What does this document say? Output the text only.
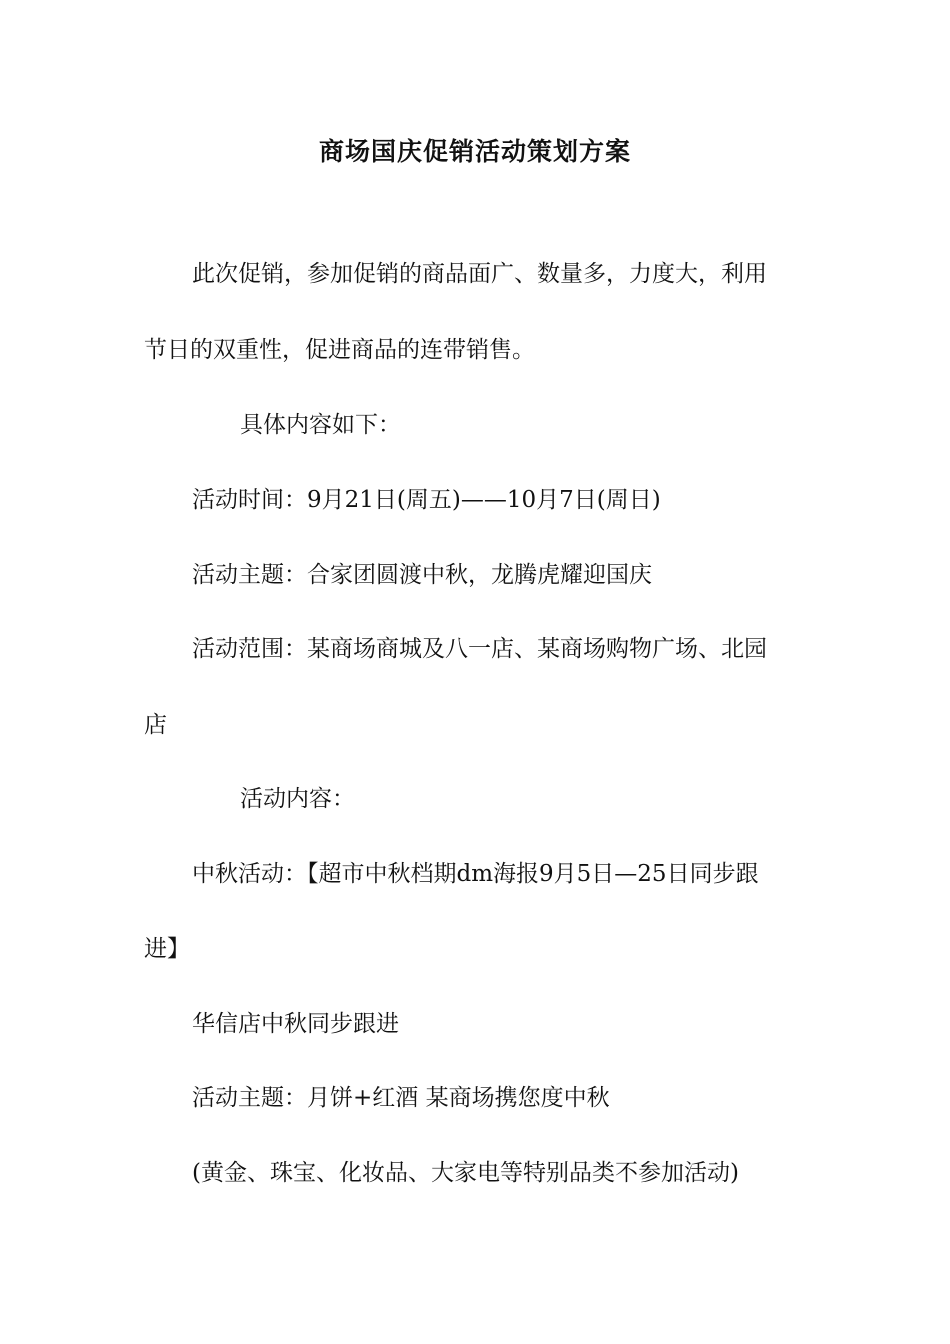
商场国庆促销活动策划方案
此次促销，参加促销的商品面广、数量多，力度大，利用
节日的双重性，促进商品的连带销售。
具体内容如下：
活动时间：9月21日(周五)——10月7日(周日)
活动主题：合家团圆渡中秋，龙腾虎耀迎国庆
活动范围：某商场商城及八一店、某商场购物广场、北园
店
活动内容：
中秋活动：【超市中秋档期dm海报9月5日—25日同步跟
进】
华信店中秋同步跟进
活动主题：月饼+红酒 某商场携您度中秋
(黄金、珠宝、化妆品、大家电等特别品类不参加活动)
